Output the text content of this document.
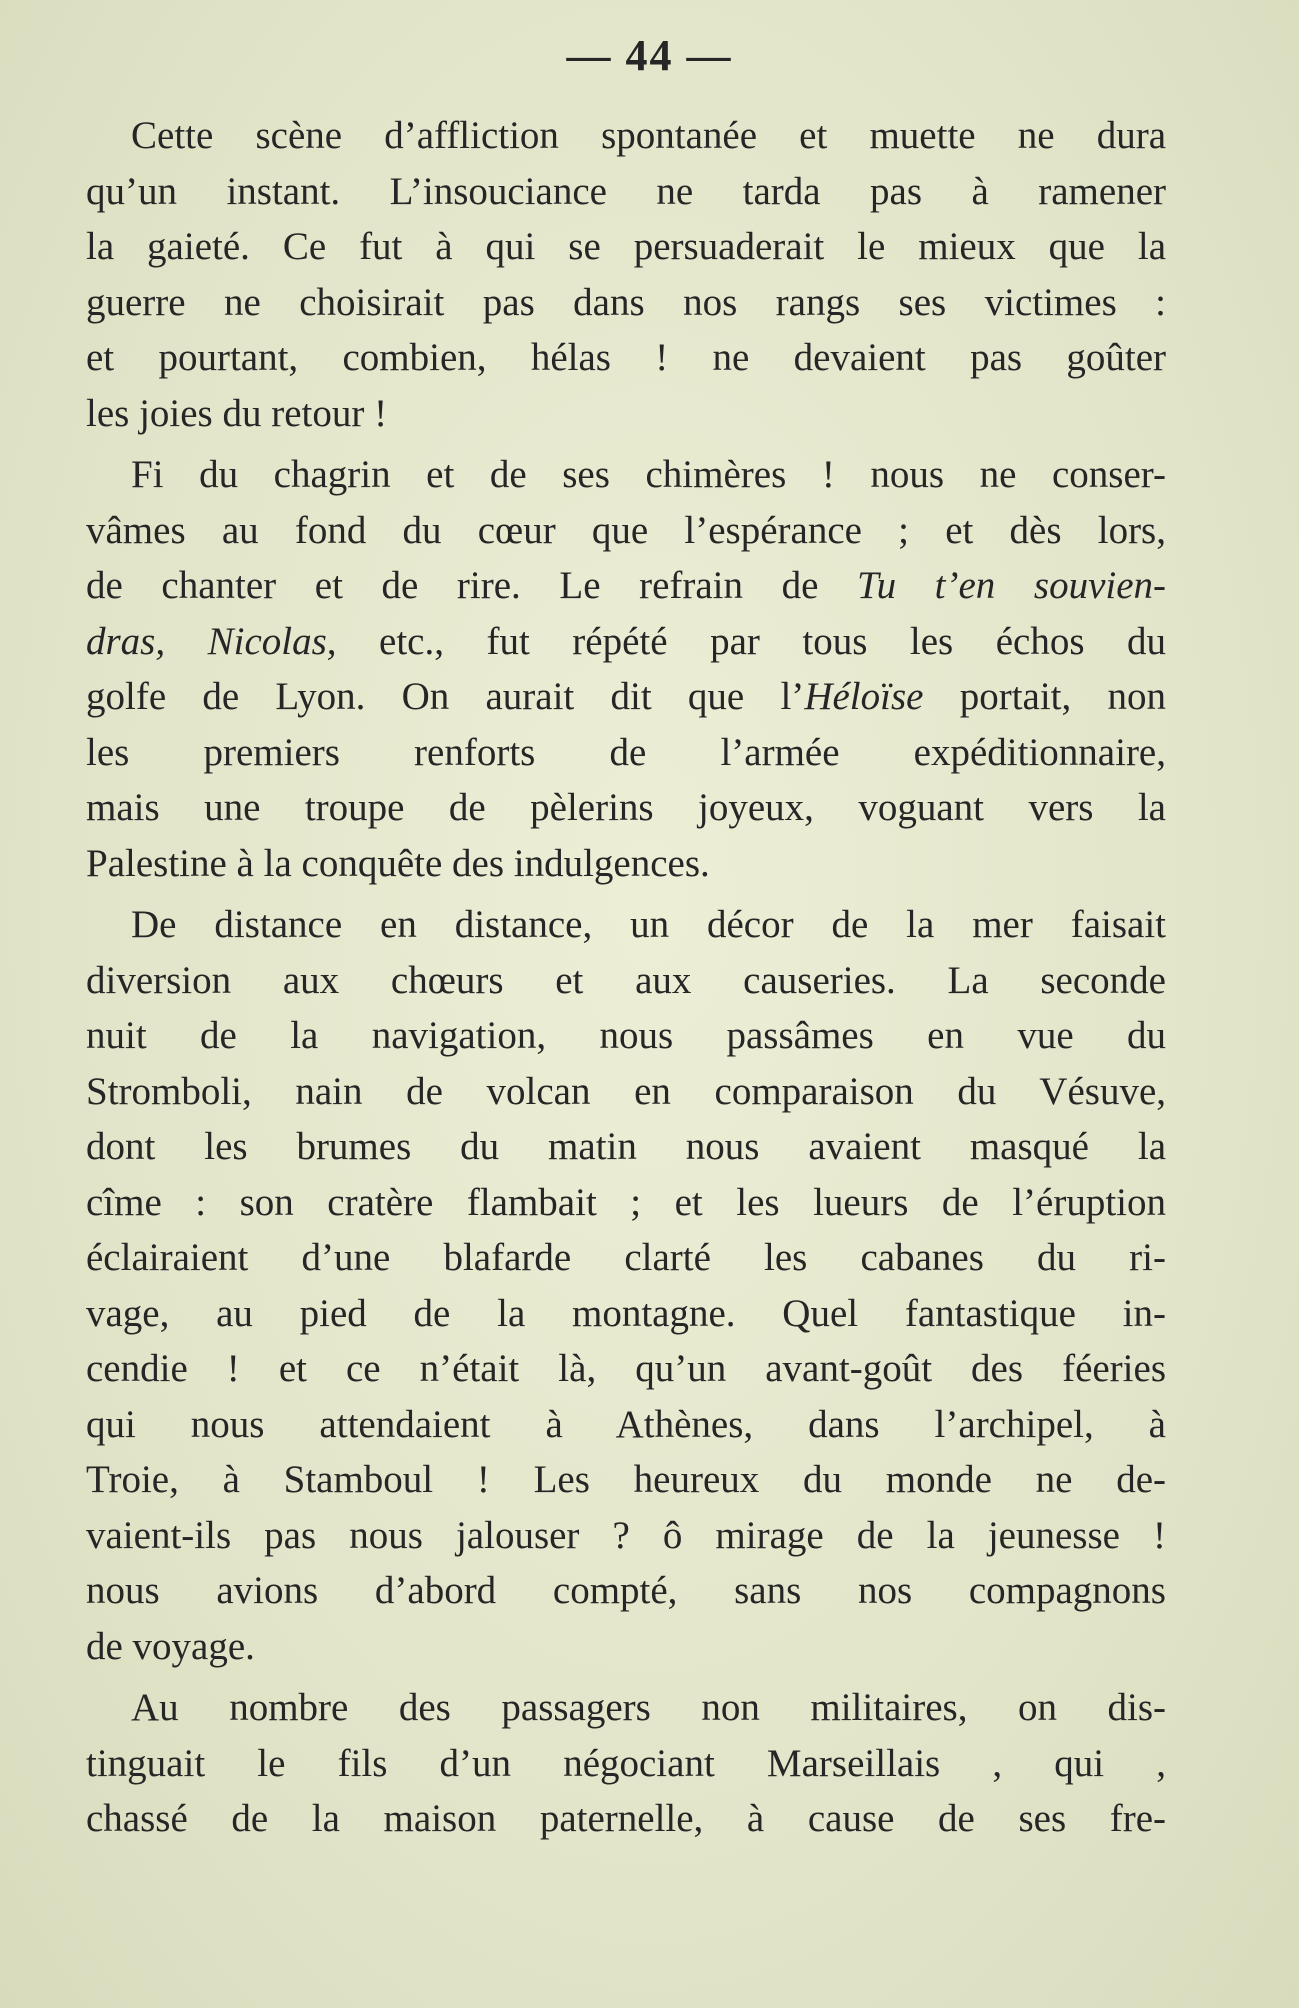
— 44 —
Cette scène d’affliction spontanée et muette ne dura
qu’un instant. L’insouciance ne tarda pas à ramener
la gaieté. Ce fut à qui se persuaderait le mieux que la
guerre ne choisirait pas dans nos rangs ses victimes :
et pourtant, combien, hélas ! ne devaient pas goûter
les joies du retour !
Fi du chagrin et de ses chimères ! nous ne conser-
vâmes au fond du cœur que l’espérance ; et dès lors,
de chanter et de rire. Le refrain de Tu t’en souvien-
dras, Nicolas, etc., fut répété par tous les échos du
golfe de Lyon. On aurait dit que l’Héloïse portait, non
les premiers renforts de l’armée expéditionnaire,
mais une troupe de pèlerins joyeux, voguant vers la
Palestine à la conquête des indulgences.
De distance en distance, un décor de la mer faisait
diversion aux chœurs et aux causeries. La seconde
nuit de la navigation, nous passâmes en vue du
Stromboli, nain de volcan en comparaison du Vésuve,
dont les brumes du matin nous avaient masqué la
cîme : son cratère flambait ; et les lueurs de l’éruption
éclairaient d’une blafarde clarté les cabanes du ri-
vage, au pied de la montagne. Quel fantastique in-
cendie ! et ce n’était là, qu’un avant-goût des féeries
qui nous attendaient à Athènes, dans l’archipel, à
Troie, à Stamboul ! Les heureux du monde ne de-
vaient-ils pas nous jalouser ? ô mirage de la jeunesse !
nous avions d’abord compté, sans nos compagnons
de voyage.
Au nombre des passagers non militaires, on dis-
tinguait le fils d’un négociant Marseillais , qui ,
chassé de la maison paternelle, à cause de ses fre-
